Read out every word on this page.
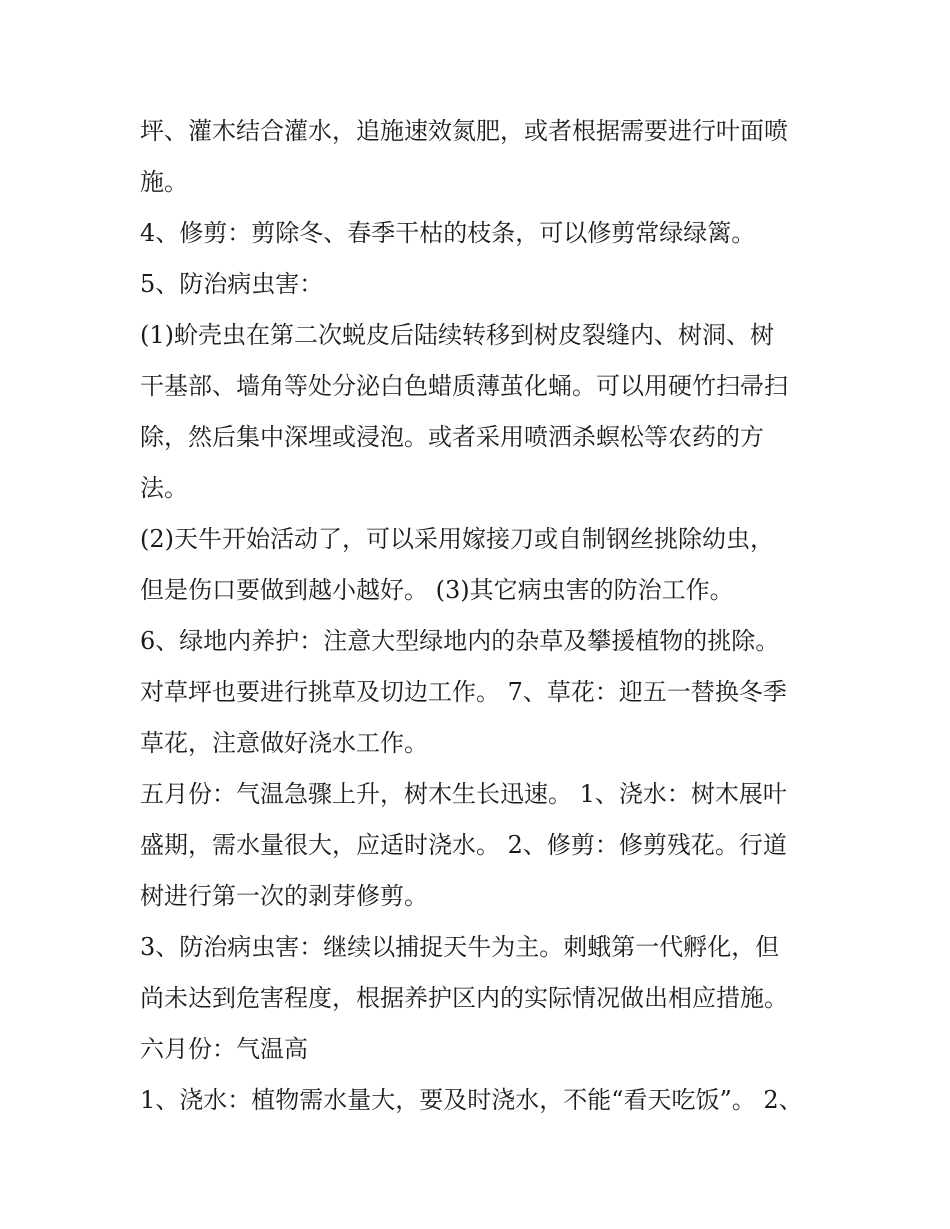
坪、灌木结合灌水，追施速效氮肥，或者根据需要进行叶面喷
施。
4、修剪：剪除冬、春季干枯的枝条，可以修剪常绿绿篱。
5、防治病虫害：
(1)蚧壳虫在第二次蜕皮后陆续转移到树皮裂缝内、树洞、树
干基部、墙角等处分泌白色蜡质薄茧化蛹。可以用硬竹扫帚扫
除，然后集中深埋或浸泡。或者采用喷洒杀螟松等农药的方
法。
(2)天牛开始活动了，可以采用嫁接刀或自制钢丝挑除幼虫，
但是伤口要做到越小越好。 (3)其它病虫害的防治工作。
6、绿地内养护：注意大型绿地内的杂草及攀援植物的挑除。
对草坪也要进行挑草及切边工作。 7、草花：迎五一替换冬季
草花，注意做好浇水工作。
五月份：气温急骤上升，树木生长迅速。 1、浇水：树木展叶
盛期，需水量很大，应适时浇水。 2、修剪：修剪残花。行道
树进行第一次的剥芽修剪。
3、防治病虫害：继续以捕捉天牛为主。刺蛾第一代孵化，但
尚未达到危害程度，根据养护区内的实际情况做出相应措施。
六月份：气温高
1、浇水：植物需水量大，要及时浇水，不能“看天吃饭”。 2、
